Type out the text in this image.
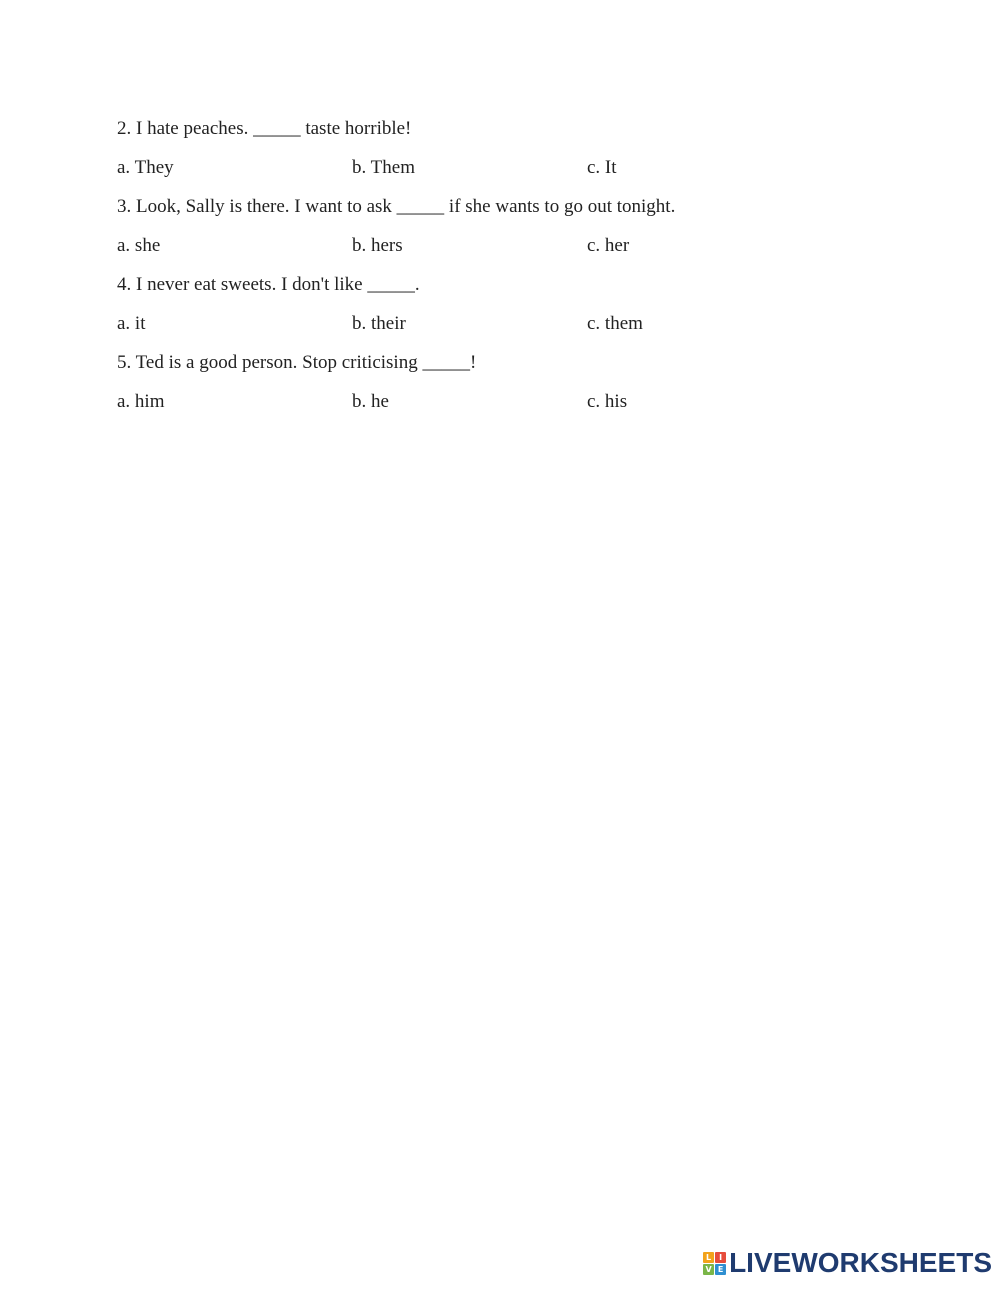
2. I hate peaches. _____ taste horrible!
a. They	b. Them	c. It
3. Look, Sally is there. I want to ask _____ if she wants to go out tonight.
a. she	b. hers	c. her
4. I never eat sweets. I don't like _____.
a. it	b. their	c. them
5. Ted is a good person. Stop criticising _____!
a. him	b. he	c. his
L I
V E LIVEWORKSHEETS
